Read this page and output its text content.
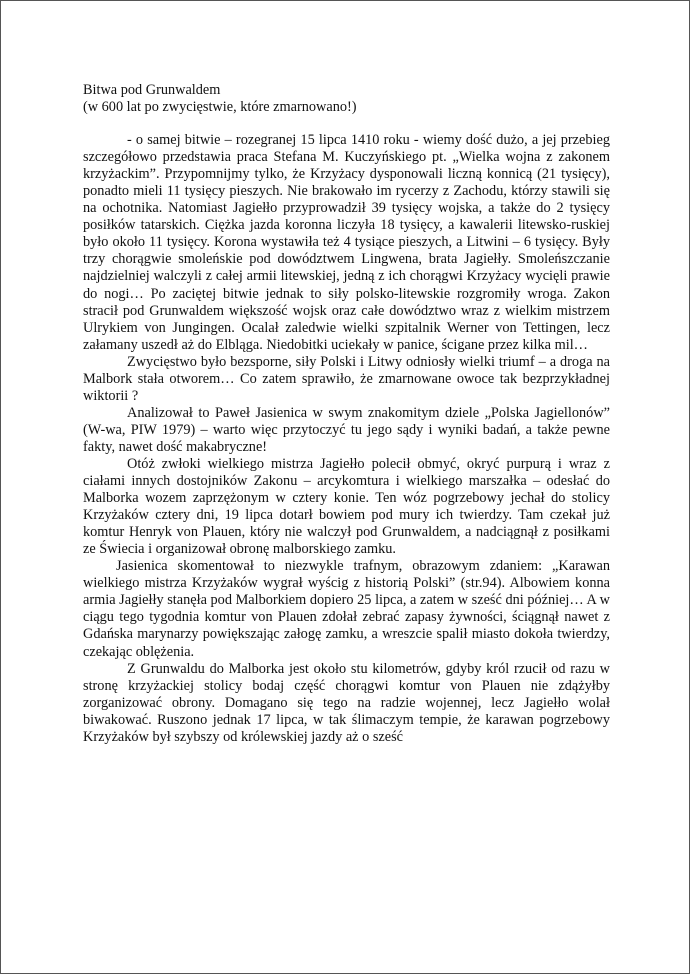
Bitwa pod Grunwaldem
(w 600 lat po zwycięstwie, które zmarnowano!)

- o samej bitwie – rozegranej 15 lipca 1410 roku - wiemy dość dużo, a jej przebieg szczegółowo przedstawia praca Stefana M. Kuczyńskiego pt. „Wielka wojna z zakonem krzyżackim”. Przypomnijmy tylko, że Krzyżacy dysponowali liczną konnicą (21 tysięcy), ponadto mieli 11 tysięcy pieszych. Nie brakowało im rycerzy z Zachodu, którzy stawili się na ochotnika. Natomiast Jagiełło przyprowadził 39 tysięcy wojska, a także do 2 tysięcy posiłków tatarskich. Ciężka jazda koronna liczyła 18 tysięcy, a kawalerii litewsko-ruskiej było około 11 tysięcy. Korona wystawiła też 4 tysiące pieszych, a Litwini – 6 tysięcy. Były trzy chorągwie smoleńskie pod dowództwem Lingwena, brata Jagiełły. Smoleńszczanie najdzielniej walczyli z całej armii litewskiej, jedną z ich chorągwi Krzyżacy wycięli prawie do nogi… Po zaciętej bitwie jednak to siły polsko-litewskie rozgromiły wroga. Zakon stracił pod Grunwaldem większość wojsk oraz całe dowództwo wraz z wielkim mistrzem Ulrykiem von Jungingen. Ocalał zaledwie wielki szpitalnik Werner von Tettingen, lecz załamany uszedł aż do Elbląga. Niedobitki uciekały w panice, ścigane przez kilka mil…

Zwycięstwo było bezsporne, siły Polski i Litwy odniosły wielki triumf – a droga na Malbork stała otworem… Co zatem sprawiło, że zmarnowane owoce tak bezprzykładnej wiktorii ?

Analizował to Paweł Jasienica w swym znakomitym dziele „Polska Jagiellonów” (W-wa, PIW 1979) – warto więc przytoczyć tu jego sądy i wyniki badań, a także pewne fakty, nawet dość makabryczne!

Otóż zwłoki wielkiego mistrza Jagiełło polecił obmyć, okryć purpurą i wraz z ciałami innych dostojników Zakonu – arcykomtura i wielkiego marszałka – odesłać do Malborka wozem zaprzężonym w cztery konie. Ten wóz pogrzebowy jechał do stolicy Krzyżaków cztery dni, 19 lipca dotarł bowiem pod mury ich twierdzy. Tam czekał już komtur Henryk von Plauen, który nie walczył pod Grunwaldem, a nadciągnął z posiłkami ze Świecia i organizował obronę malborskiego zamku.

Jasienica skomentował to niezwykle trafnym, obrazowym zdaniem: „Karawan wielkiego mistrza Krzyżaków wygrał wyścig z historią Polski” (str.94). Albowiem konna armia Jagiełły stanęła pod Malborkiem dopiero 25 lipca, a zatem w sześć dni później… A w ciągu tego tygodnia komtur von Plauen zdołał zebrać zapasy żywności, ściągnął nawet z Gdańska marynarzy powiększając załogę zamku, a wreszcie spalił miasto dokoła twierdzy, czekając oblężenia.

Z Grunwaldu do Malborka jest około stu kilometrów, gdyby król rzucił od razu w stronę krzyżackiej stolicy bodaj część chorągwi komtur von Plauen nie zdążyłby zorganizować obrony. Domagano się tego na radzie wojennej, lecz Jagiełło wolał biwakować. Ruszono jednak 17 lipca, w tak ślimaczym tempie, że karawan pogrzebowy Krzyżaków był szybszy od królewskiej jazdy aż o sześć
